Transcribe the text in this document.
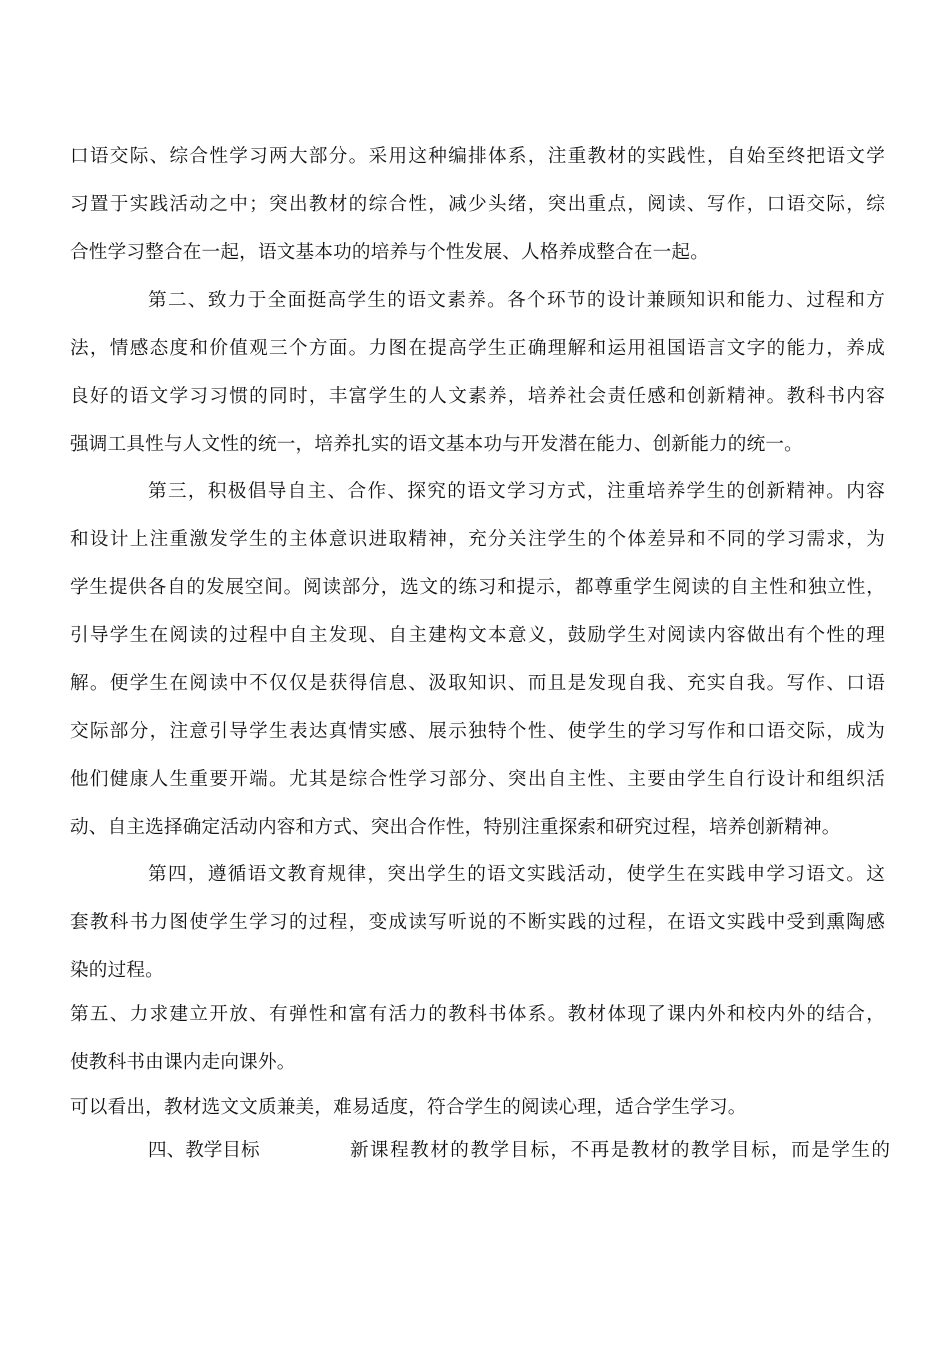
口语交际、综合性学习两大部分。采用这种编排体系，注重教材的实践性，自始至终把语文学
习置于实践活动之中；突出教材的综合性，减少头绪，突出重点，阅读、写作，口语交际，综
合性学习整合在一起，语文基本功的培养与个性发展、人格养成整合在一起。
第二、致力于全面挺高学生的语文素养。各个环节的设计兼顾知识和能力、过程和方
法，情感态度和价值观三个方面。力图在提高学生正确理解和运用祖国语言文字的能力，养成
良好的语文学习习惯的同时，丰富学生的人文素养，培养社会责任感和创新精神。教科书内容
强调工具性与人文性的统一，培养扎实的语文基本功与开发潜在能力、创新能力的统一。
第三，积极倡导自主、合作、探究的语文学习方式，注重培养学生的创新精神。内容
和设计上注重激发学生的主体意识进取精神，充分关注学生的个体差异和不同的学习需求，为
学生提供各自的发展空间。阅读部分，选文的练习和提示，都尊重学生阅读的自主性和独立性，
引导学生在阅读的过程中自主发现、自主建构文本意义，鼓励学生对阅读内容做出有个性的理
解。便学生在阅读中不仅仅是获得信息、汲取知识、而且是发现自我、充实自我。写作、口语
交际部分，注意引导学生表达真情实感、展示独特个性、使学生的学习写作和口语交际，成为
他们健康人生重要开端。尤其是综合性学习部分、突出自主性、主要由学生自行设计和组织活
动、自主选择确定活动内容和方式、突出合作性，特别注重探索和研究过程，培养创新精神。
第四，遵循语文教育规律，突出学生的语文实践活动，使学生在实践申学习语文。这
套教科书力图使学生学习的过程，变成读写听说的不断实践的过程，在语文实践中受到熏陶感
染的过程。
第五、力求建立开放、有弹性和富有活力的教科书体系。教材体现了课内外和校内外的结合，
使教科书由课内走向课外。
可以看出，教材选文文质兼美，难易适度，符合学生的阅读心理，适合学生学习。
四、教学目标	新课程教材的教学目标，不再是教材的教学目标，而是学生的
